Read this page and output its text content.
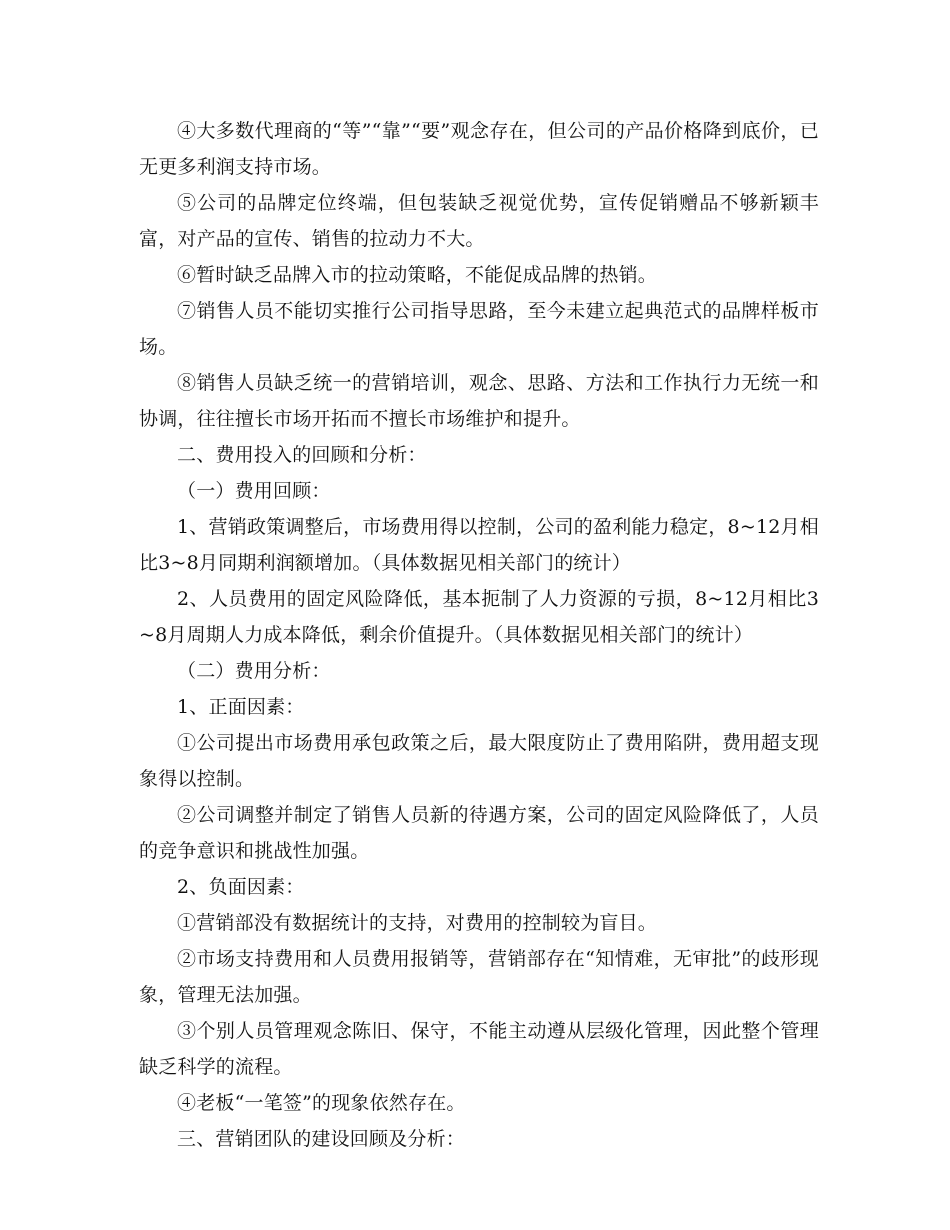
④大多数代理商的“等”“靠”“要”观念存在，但公司的产品价格降到底价，已无更多利润支持市场。

⑤公司的品牌定位终端，但包装缺乏视觉优势，宣传促销赠品不够新颖丰富，对产品的宣传、销售的拉动力不大。

⑥暂时缺乏品牌入市的拉动策略，不能促成品牌的热销。

⑦销售人员不能切实推行公司指导思路，至今未建立起典范式的品牌样板市场。

⑧销售人员缺乏统一的营销培训，观念、思路、方法和工作执行力无统一和协调，往往擅长市场开拓而不擅长市场维护和提升。

二、费用投入的回顾和分析：

（一）费用回顾：

1、营销政策调整后，市场费用得以控制，公司的盈利能力稳定，8~12月相比3~8月同期利润额增加。（具体数据见相关部门的统计）

2、人员费用的固定风险降低，基本扼制了人力资源的亏损，8~12月相比3~8月周期人力成本降低，剩余价值提升。（具体数据见相关部门的统计）

（二）费用分析：

1、正面因素：

①公司提出市场费用承包政策之后，最大限度防止了费用陷阱，费用超支现象得以控制。

②公司调整并制定了销售人员新的待遇方案，公司的固定风险降低了，人员的竞争意识和挑战性加强。

2、负面因素：

①营销部没有数据统计的支持，对费用的控制较为盲目。

②市场支持费用和人员费用报销等，营销部存在“知情难，无审批”的歧形现象，管理无法加强。

③个别人员管理观念陈旧、保守，不能主动遵从层级化管理，因此整个管理缺乏科学的流程。

④老板“一笔签”的现象依然存在。

三、营销团队的建设回顾及分析：
